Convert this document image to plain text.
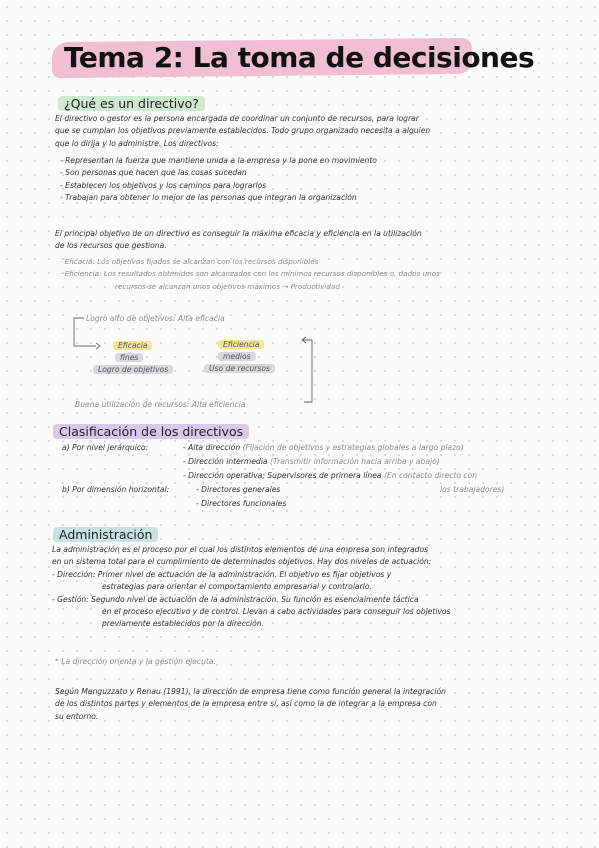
Tema 2: La toma de decisiones
¿Qué es un directivo?
El directivo o gestor es la persona encargada de coordinar un conjunto de recursos, para lograr
que se cumplan los objetivos previamente establecidos. Todo grupo organizado necesita a alguien
que lo dirija y lo administre. Los directivos:
- Representan la fuerza que mantiene unida a la empresa y la pone en movimiento
- Son personas que hacen que las cosas sucedan
- Establecen los objetivos y los caminos para lograrlos
- Trabajan para obtener lo mejor de las personas que integran la organización
El principal objetivo de un directivo es conseguir la máxima eficacia y eficiencia en la utilización
de los recursos que gestiona.
· Eficacia: Los objetivos fijados se alcanzan con los recursos disponibles
· Eficiencia: Los resultados obtenidos son alcanzados con los mínimos recursos disponibles o, dados unos
recursos se alcanzan unos objetivos máximos → Productividad
Logro alto de objetivos: Alta eficacia
Eficacia
fines
Logro de objetivos
Eficiencia
medios
Uso de recursos
Buena utilización de recursos: Alta eficiencia
Clasificación de los directivos
a) Por nivel jerárquico:	- Alta dirección (Fijación de objetivos y estrategias globales a largo plazo)
- Dirección intermedia (Transmitir información hacia arriba y abajo)
- Dirección operativa; Supervisores de primera línea (En contacto directo con
los trabajadores)
b) Por dimensión horizontal:	- Directores generales
- Directores funcionales
Administración
La administración es el proceso por el cual los distintos elementos de una empresa son integrados
en un sistema total para el cumplimiento de determinados objetivos. Hay dos niveles de actuación:
- Dirección: Primer nivel de actuación de la administración. El objetivo es fijar objetivos y
estrategias para orientar el comportamiento empresarial y controlarlo.
- Gestión: Segundo nivel de actuación de la administración. Su función es esencialmente táctica
en el proceso ejecutivo y de control. Llevan a cabo actividades para conseguir los objetivos
previamente establecidos por la dirección.
* La dirección orienta y la gestión ejecuta.
Según Menguzzato y Renau (1991), la dirección de empresa tiene como función general la integración
de los distintos partes y elementos de la empresa entre sí, así como la de integrar a la empresa con
su entorno.
